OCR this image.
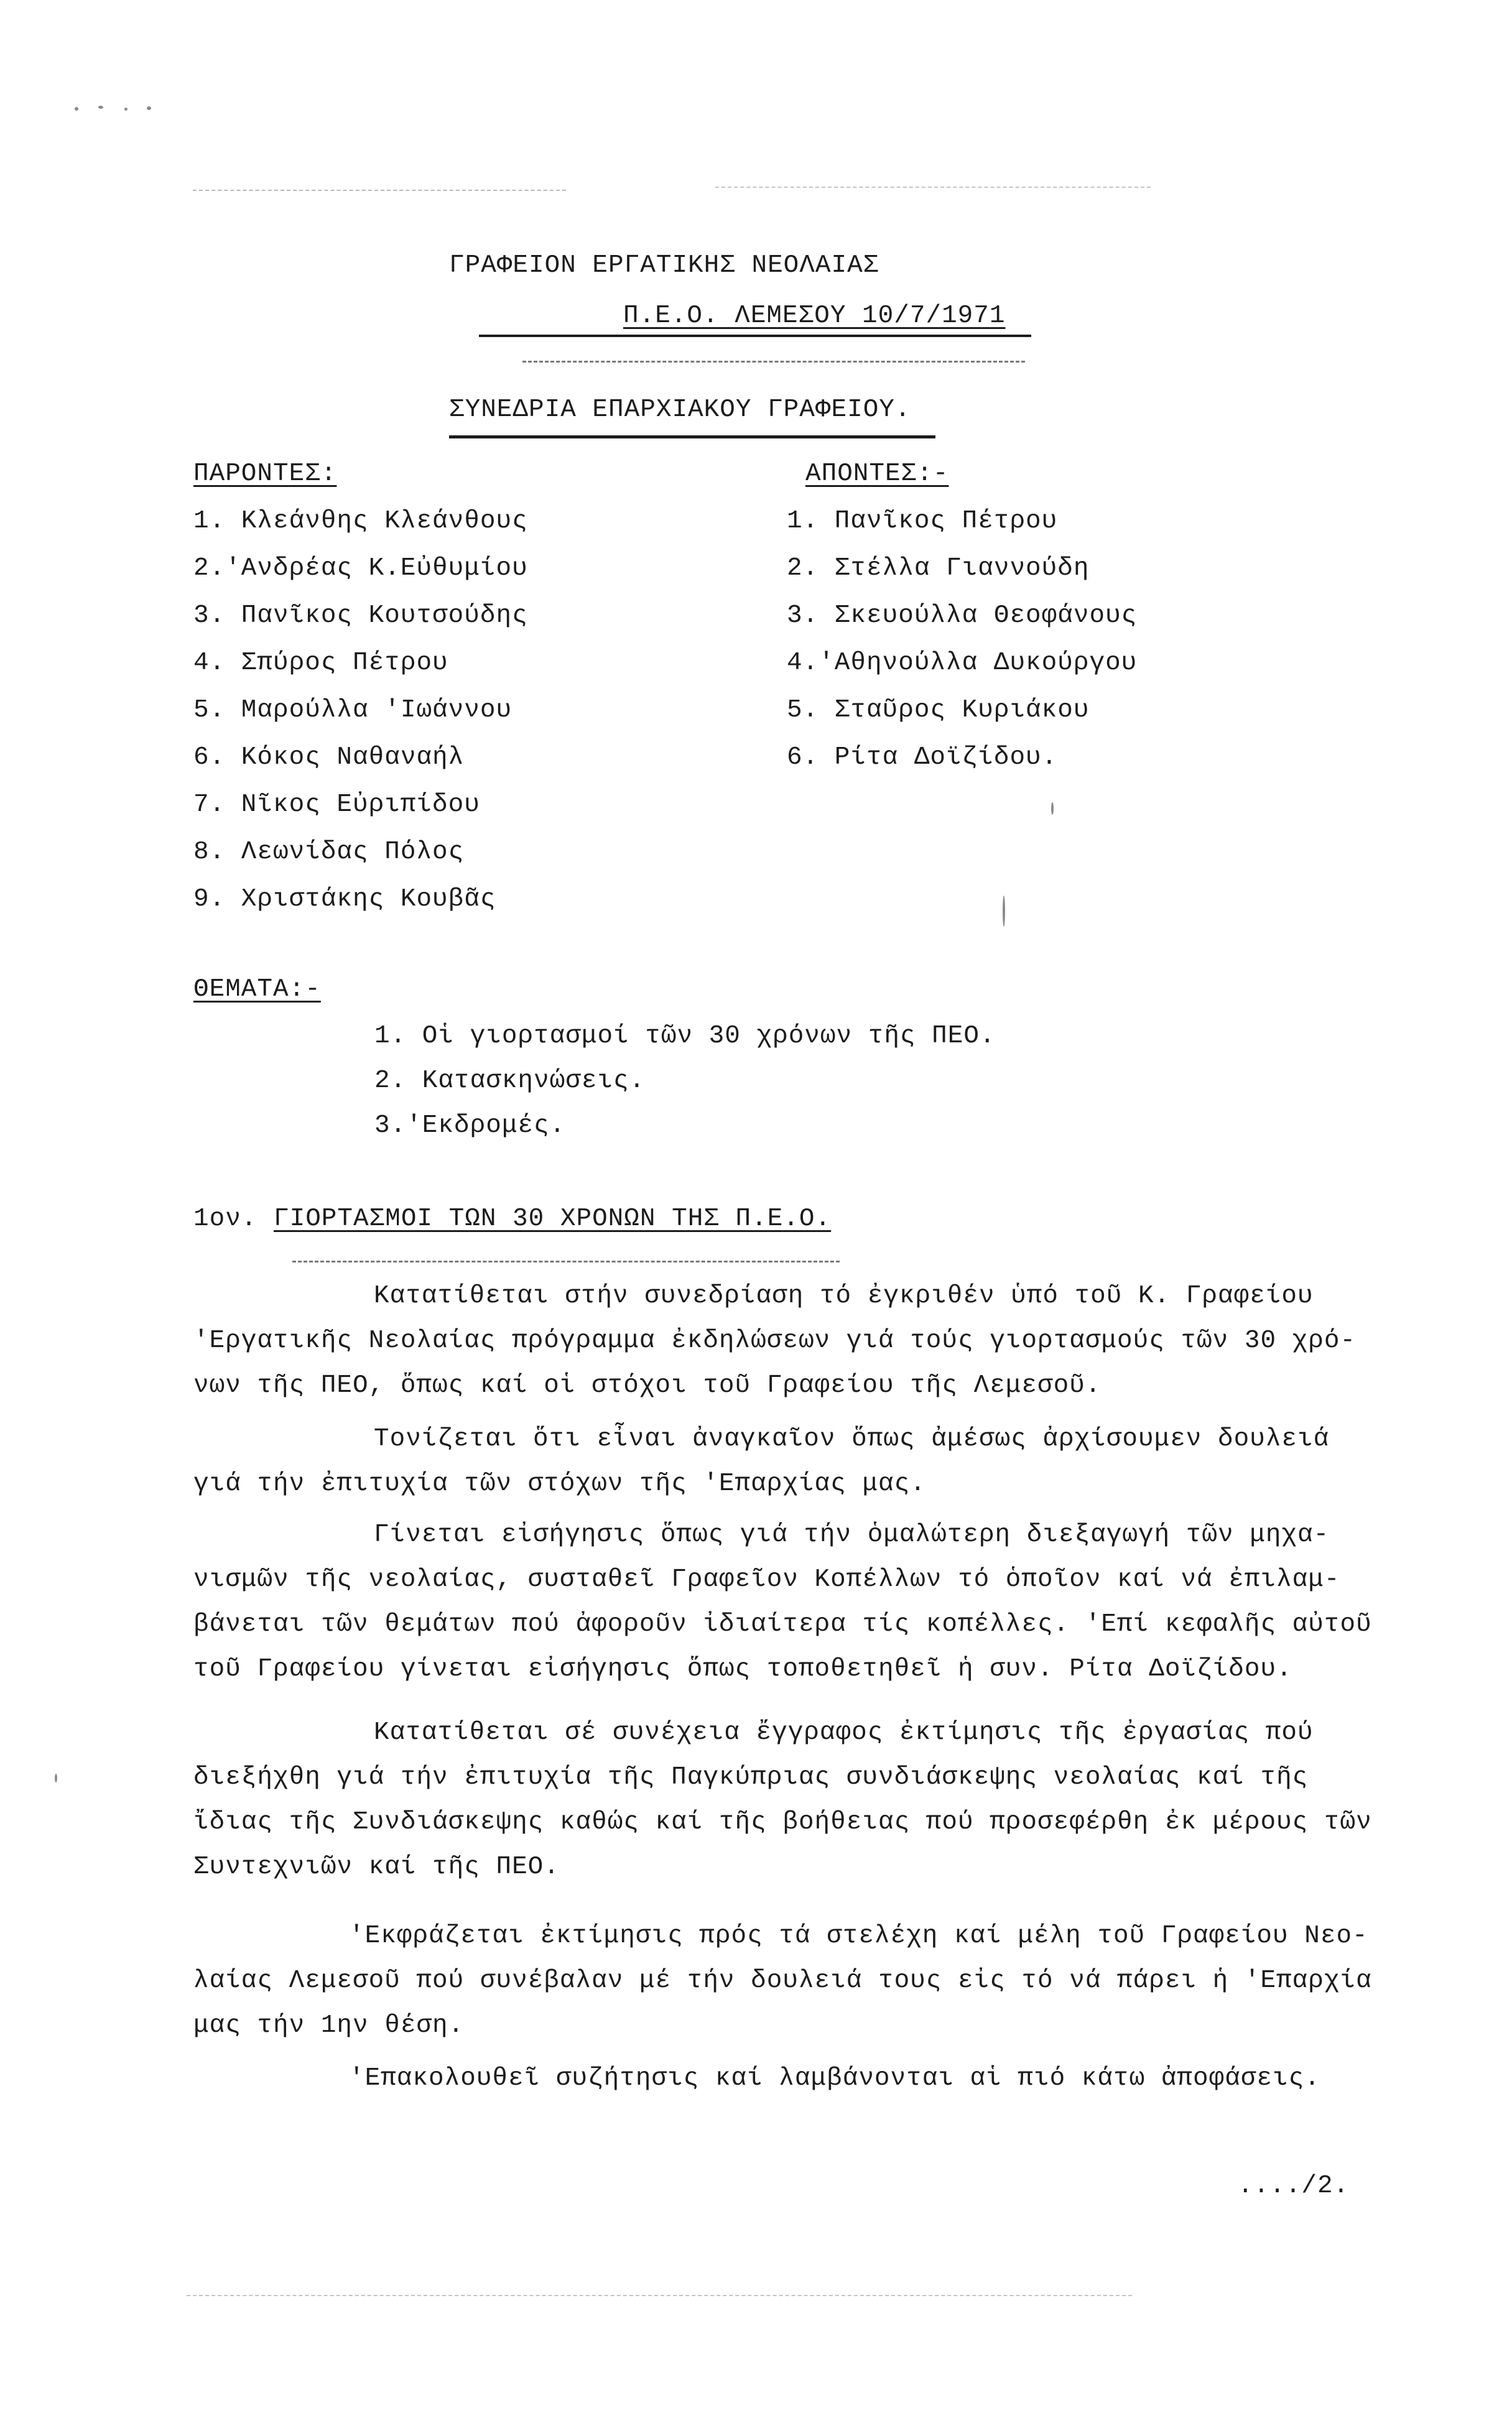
ΓΡΑΦΕΙΟΝ ΕΡΓΑΤΙΚΗΣ ΝΕΟΛΑΙΑΣ
Π.Ε.Ο. ΛΕΜΕΣΟΥ 10/7/1971
ΣΥΝΕΔΡΙΑ ΕΠΑΡΧΙΑΚΟΥ ΓΡΑΦΕΙΟΥ.
ΠΑΡΟΝΤΕΣ:
1. Κλεάνθης Κλεάνθους
2.'Ανδρέας Κ.Εὐθυμίου
3. Πανῖκος Κουτσούδης
4. Σπύρος Πέτρου
5. Μαρούλλα 'Ιωάννου
6. Κόκος Ναθαναήλ
7. Νῖκος Εὐριπίδου
8. Λεωνίδας Πόλος
9. Χριστάκης Κουβᾶς
ΑΠΟΝΤΕΣ:-
1. Πανῖκος Πέτρου
2. Στέλλα Γιαννούδη
3. Σκευούλλα Θεοφάνους
4.'Αθηνούλλα Δυκούργου
5. Σταῦρος Κυριάκου
6. Ρίτα Δοϊζίδου.
ΘΕΜΑΤΑ:-
1. Οἱ γιορτασμοί τῶν 30 χρόνων τῆς ΠΕΟ.
2. Κατασκηνώσεις.
3.'Εκδρομές.
1ον. ΓΙΟΡΤΑΣΜΟΙ ΤΩΝ 30 ΧΡΟΝΩΝ ΤΗΣ Π.Ε.Ο.
Κατατίθεται στήν συνεδρίαση τό ἐγκριθέν ὑπό τοῦ Κ. Γραφείου
'Εργατικῆς Νεολαίας πρόγραμμα ἐκδηλώσεων γιά τούς γιορτασμούς τῶν 30 χρό-
νων τῆς ΠΕΟ, ὅπως καί οἱ στόχοι τοῦ Γραφείου τῆς Λεμεσοῦ.
Τονίζεται ὅτι εἶναι ἀναγκαῖον ὅπως ἀμέσως ἀρχίσουμεν δουλειά
γιά τήν ἐπιτυχία τῶν στόχων τῆς 'Επαρχίας μας.
Γίνεται εἰσήγησις ὅπως γιά τήν ὁμαλώτερη διεξαγωγή τῶν μηχα-
νισμῶν τῆς νεολαίας, συσταθεῖ Γραφεῖον Κοπέλλων τό ὁποῖον καί νά ἐπιλαμ-
βάνεται τῶν θεμάτων πού ἀφοροῦν ἰδιαίτερα τίς κοπέλλες. 'Επί κεφαλῆς αὐτοῦ
τοῦ Γραφείου γίνεται εἰσήγησις ὅπως τοποθετηθεῖ ἡ συν. Ρίτα Δοϊζίδου.
Κατατίθεται σέ συνέχεια ἔγγραφος ἐκτίμησις τῆς ἐργασίας πού
διεξήχθη γιά τήν ἐπιτυχία τῆς Παγκύπριας συνδιάσκεψης νεολαίας καί τῆς
ἴδιας τῆς Συνδιάσκεψης καθώς καί τῆς βοήθειας πού προσεφέρθη ἐκ μέρους τῶν
Συντεχνιῶν καί τῆς ΠΕΟ.
'Εκφράζεται ἐκτίμησις πρός τά στελέχη καί μέλη τοῦ Γραφείου Νεο-
λαίας Λεμεσοῦ πού συνέβαλαν μέ τήν δουλειά τους εἰς τό νά πάρει ἡ 'Επαρχία
μας τήν 1ην θέση.
'Επακολουθεῖ συζήτησις καί λαμβάνονται αἱ πιό κάτω ἀποφάσεις.
..../2.
